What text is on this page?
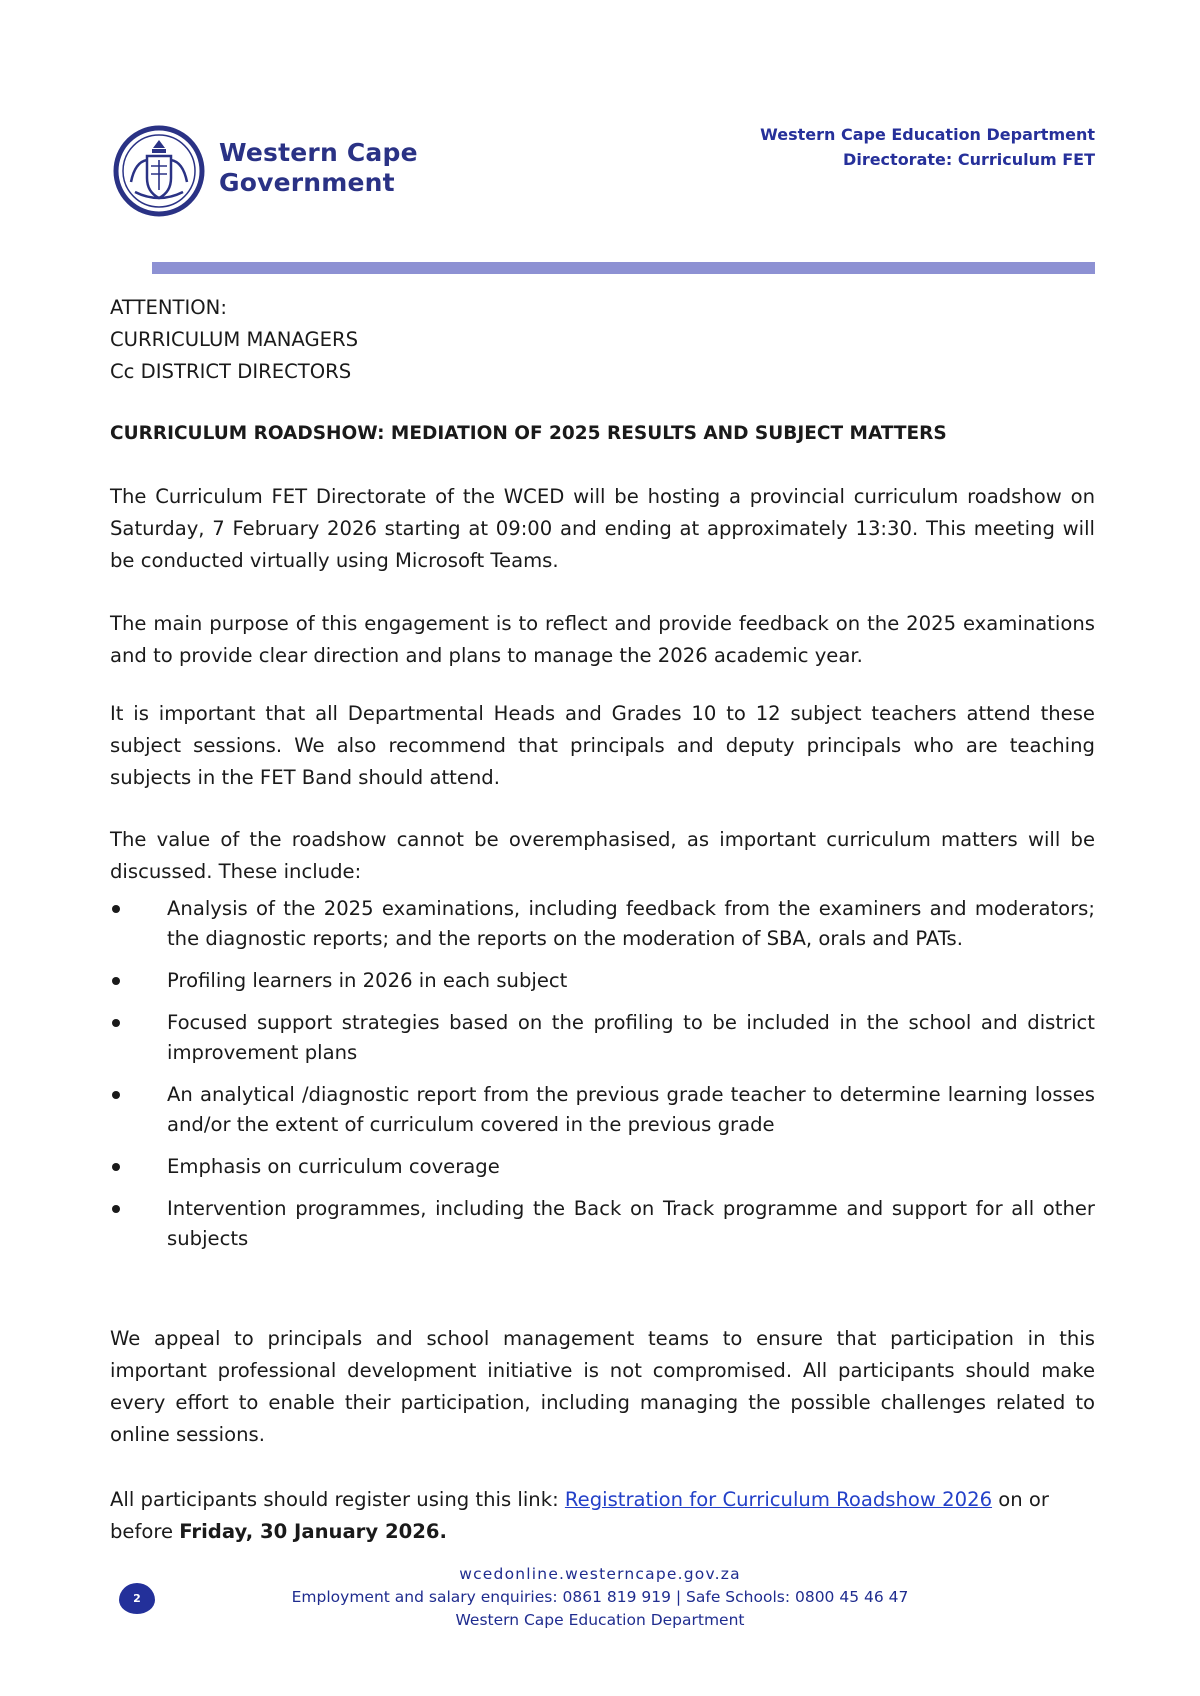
Western Cape
Government
Western Cape Education Department
Directorate: Curriculum FET
ATTENTION:
CURRICULUM MANAGERS
Cc DISTRICT DIRECTORS
CURRICULUM ROADSHOW: MEDIATION OF 2025 RESULTS AND SUBJECT MATTERS
The Curriculum FET Directorate of the WCED will be hosting a provincial curriculum roadshow on Saturday, 7 February 2026 starting at 09:00 and ending at approximately 13:30. This meeting will be conducted virtually using Microsoft Teams.
The main purpose of this engagement is to reflect and provide feedback on the 2025 examinations and to provide clear direction and plans to manage the 2026 academic year.
It is important that all Departmental Heads and Grades 10 to 12 subject teachers attend these subject sessions. We also recommend that principals and deputy principals who are teaching subjects in the FET Band should attend.
The value of the roadshow cannot be overemphasised, as important curriculum matters will be discussed. These include:
Analysis of the 2025 examinations, including feedback from the examiners and moderators; the diagnostic reports; and the reports on the moderation of SBA, orals and PATs.
Profiling learners in 2026 in each subject
Focused support strategies based on the profiling to be included in the school and district improvement plans
An analytical /diagnostic report from the previous grade teacher to determine learning losses and/or the extent of curriculum covered in the previous grade
Emphasis on curriculum coverage
Intervention programmes, including the Back on Track programme and support for all other subjects
We appeal to principals and school management teams to ensure that participation in this important professional development initiative is not compromised. All participants should make every effort to enable their participation, including managing the possible challenges related to online sessions.
All participants should register using this link: Registration for Curriculum Roadshow 2026 on or before Friday, 30 January 2026.
2
wcedonline.westerncape.gov.za
Employment and salary enquiries: 0861 819 919 | Safe Schools: 0800 45 46 47
Western Cape Education Department
